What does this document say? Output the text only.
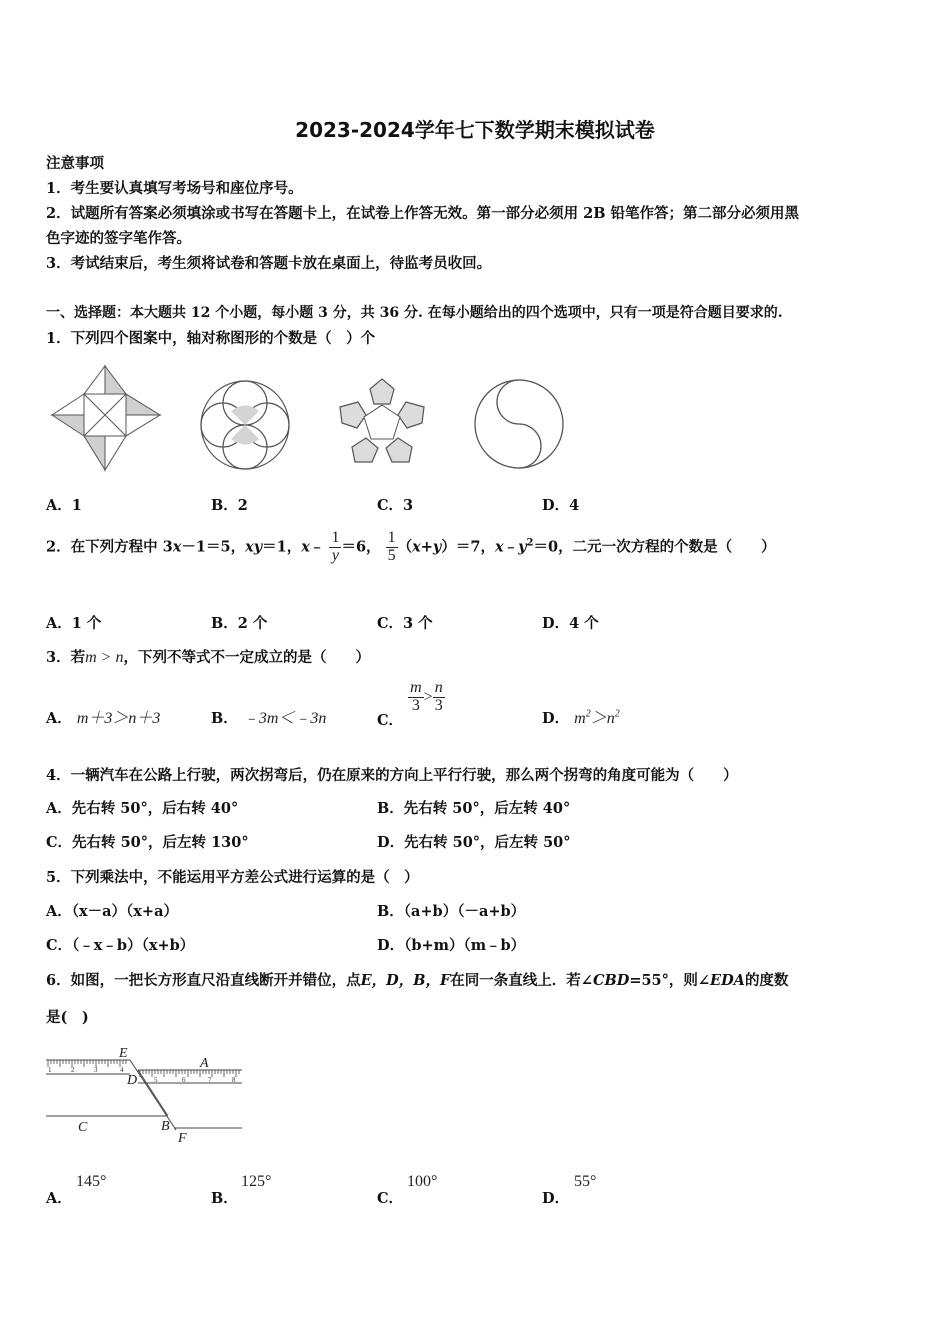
2023-2024学年七下数学期末模拟试卷
注意事项
1．考生要认真填写考场号和座位序号。
2．试题所有答案必须填涂或书写在答题卡上，在试卷上作答无效。第一部分必须用 2B 铅笔作答；第二部分必须用黑
色字迹的签字笔作答。
3．考试结束后，考生须将试卷和答题卡放在桌面上，待监考员收回。
一、选择题：本大题共 12 个小题，每小题 3 分，共 36 分. 在每小题给出的四个选项中，只有一项是符合题目要求的.
1．下列四个图案中，轴对称图形的个数是（　）个
A．1	B．2	C．3	D．4
2．在下列方程中 3x－1＝5，xy＝1，x﹣ $\frac{1}{y} =6$， $\frac{1}{5} (x+y)=7$，$x﹣y^2=0$，二元一次方程的个数是（　　）
A．1 个	B．2 个	C．3 个	D．4 个
3．若m > n，下列不等式不一定成立的是（　　）
A． m＋3＞n＋3	B． ﹣3m＜﹣3n	C．
$\frac{m}{3} > \frac{n}{3}$
D． $m^2>n^2$
4．一辆汽车在公路上行驶，两次拐弯后，仍在原来的方向上平行行驶，那么两个拐弯的角度可能为（　　）
A．先右转 50°，后右转 40°	B．先右转 50°，后左转 40°
C．先右转 50°，后左转 130°	D．先右转 50°，后左转 50°
5．下列乘法中，不能运用平方差公式进行运算的是（　）
A．（x－a）（x+a）	B．（a+b）（－a+b）
C．（﹣x﹣b）（x+b）	D．（b+m）（m﹣b）
6．如图，一把长方形直尺沿直线断开并错位，点E，D，B，F在同一条直线上．若∠CBD=55°，则∠EDA的度数
是(　)
1	2	3	4
5	6	7	8
E
A
D
C	B
F
A．
145°
B．
125°
C．
100°
D．
55°
